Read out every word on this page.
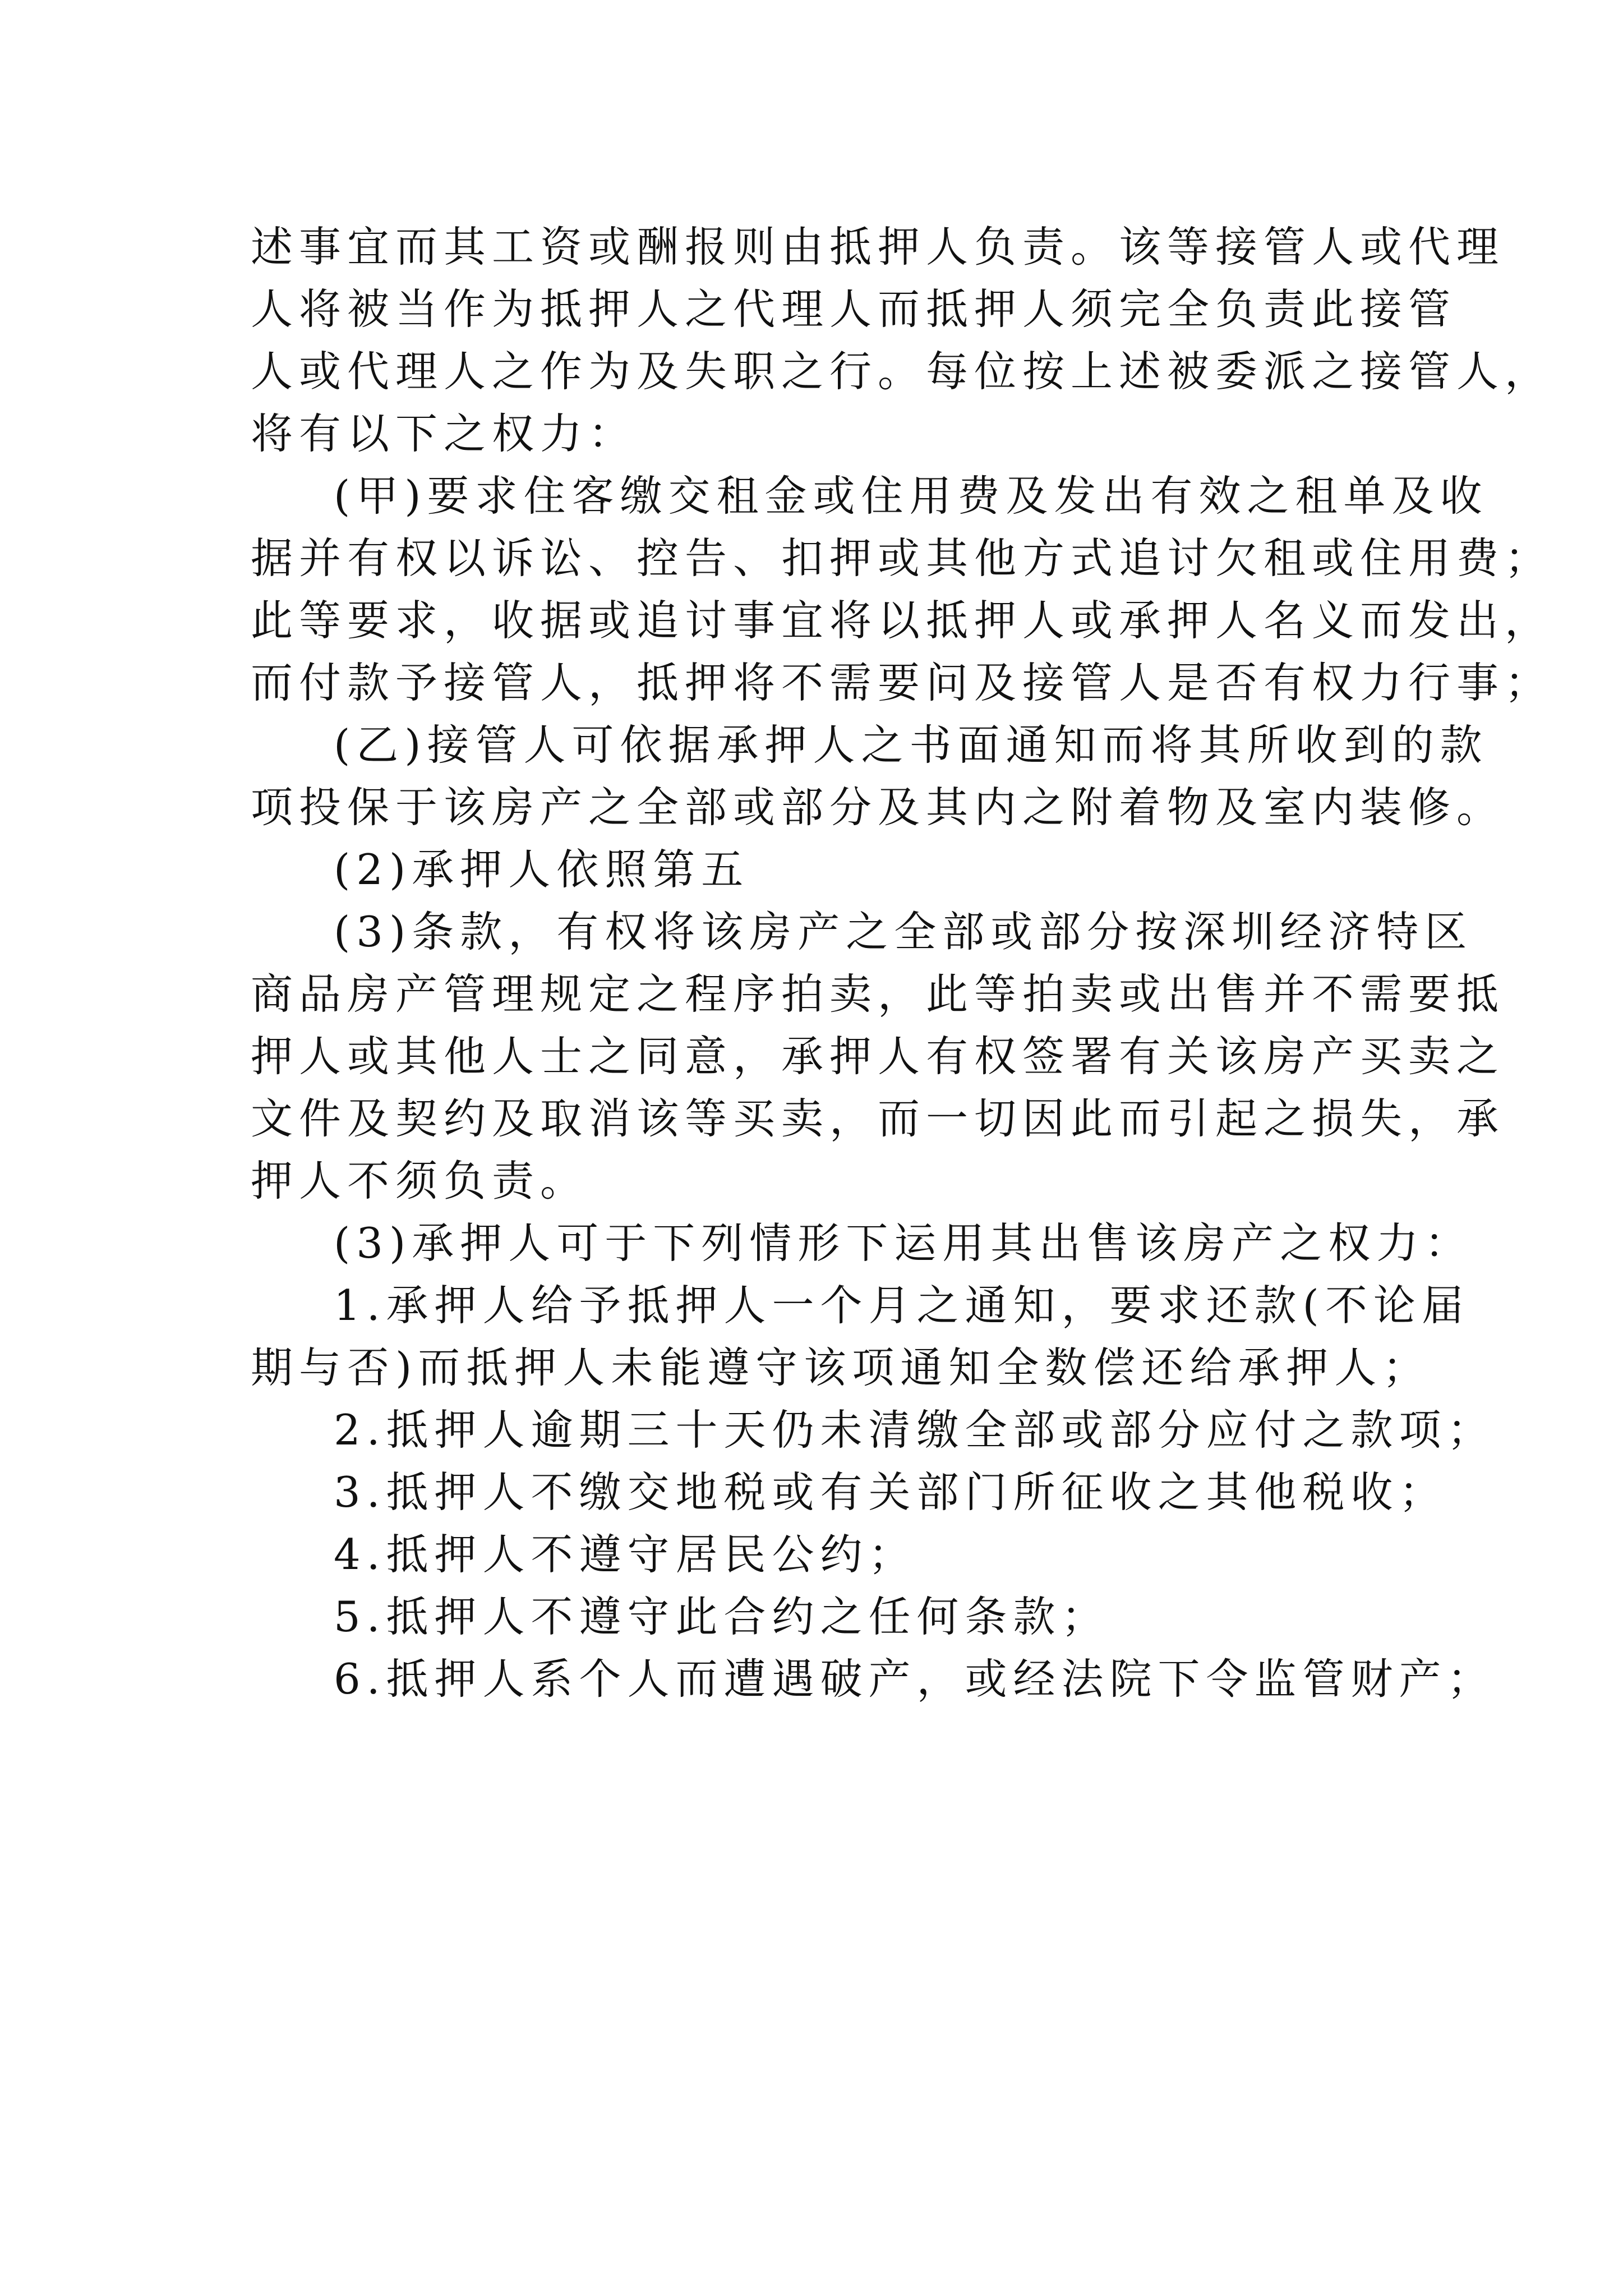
述事宜而其工资或酬报则由抵押人负责。该等接管人或代理

人将被当作为抵押人之代理人而抵押人须完全负责此接管

人或代理人之作为及失职之行。每位按上述被委派之接管人，

将有以下之权力：

(甲)要求住客缴交租金或住用费及发出有效之租单及收

据并有权以诉讼、控告、扣押或其他方式追讨欠租或住用费；

此等要求，收据或追讨事宜将以抵押人或承押人名义而发出，

而付款予接管人，抵押将不需要问及接管人是否有权力行事；

(乙)接管人可依据承押人之书面通知而将其所收到的款

项投保于该房产之全部或部分及其内之附着物及室内装修。

(2)承押人依照第五

(3)条款，有权将该房产之全部或部分按深圳经济特区

商品房产管理规定之程序拍卖，此等拍卖或出售并不需要抵

押人或其他人士之同意，承押人有权签署有关该房产买卖之

文件及契约及取消该等买卖，而一切因此而引起之损失，承

押人不须负责。

(3)承押人可于下列情形下运用其出售该房产之权力：

1.承押人给予抵押人一个月之通知，要求还款(不论届

期与否)而抵押人未能遵守该项通知全数偿还给承押人；

2.抵押人逾期三十天仍未清缴全部或部分应付之款项；

3.抵押人不缴交地税或有关部门所征收之其他税收；

4.抵押人不遵守居民公约；

5.抵押人不遵守此合约之任何条款；

6.抵押人系个人而遭遇破产，或经法院下令监管财产；
